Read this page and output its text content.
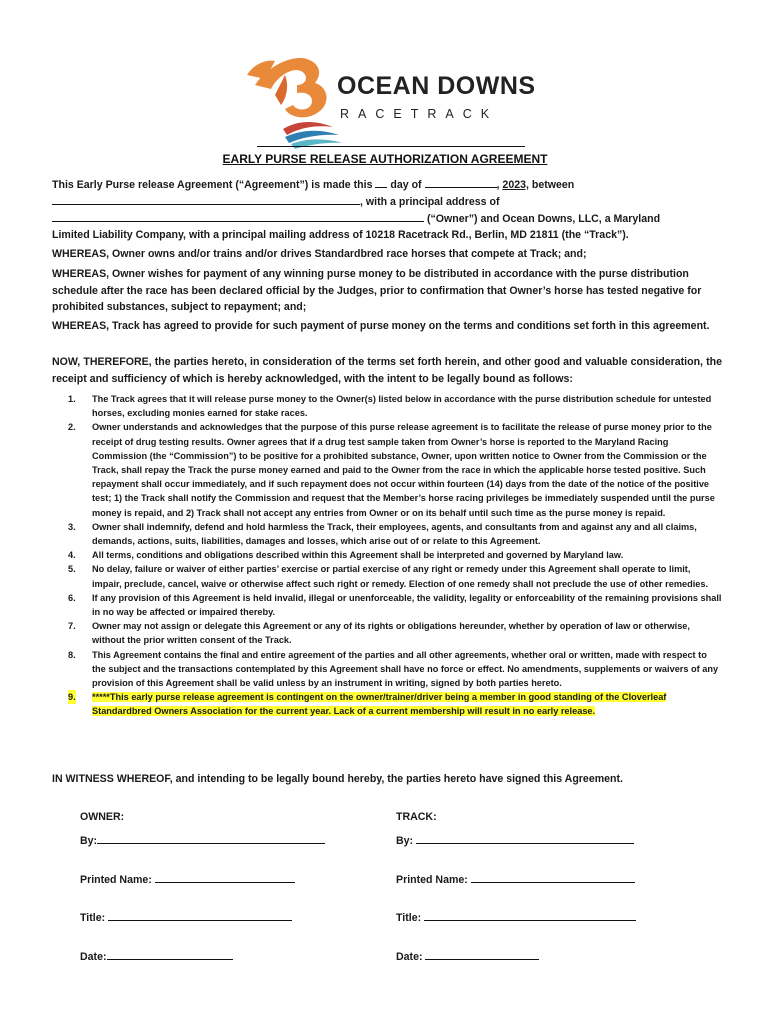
OCEAN DOWNS
RACETRACK
EARLY PURSE RELEASE AUTHORIZATION AGREEMENT
This Early Purse release Agreement (“Agreement”) is made this  day of	, 2023, between
, with a principal address of
(“Owner”) and Ocean Downs, LLC, a Maryland
Limited Liability Company, with a principal mailing address of 10218 Racetrack Rd., Berlin, MD 21811 (the “Track”).
WHEREAS, Owner owns and/or trains and/or drives Standardbred race horses that compete at Track; and;
WHEREAS, Owner wishes for payment of any winning purse money to be distributed in accordance with the purse distribution schedule after the race has been declared official by the Judges, prior to confirmation that Owner’s horse has tested negative for prohibited substances, subject to repayment; and;
WHEREAS, Track has agreed to provide for such payment of purse money on the terms and conditions set forth in this agreement.
NOW, THEREFORE, the parties hereto, in consideration of the terms set forth herein, and other good and valuable consideration, the receipt and sufficiency of which is hereby acknowledged, with the intent to be legally bound as follows:
1. The Track agrees that it will release purse money to the Owner(s) listed below in accordance with the purse distribution schedule for untested horses, excluding monies earned for stake races.
2. Owner understands and acknowledges that the purpose of this purse release agreement is to facilitate the release of purse money prior to the receipt of drug testing results. Owner agrees that if a drug test sample taken from Owner’s horse is reported to the Maryland Racing Commission (the “Commission”) to be positive for a prohibited substance, Owner, upon written notice to Owner from the Commission or the Track, shall repay the Track the purse money earned and paid to the Owner from the race in which the applicable horse tested positive. Such repayment shall occur immediately, and if such repayment does not occur within fourteen (14) days from the date of the notice of the positive test; 1) the Track shall notify the Commission and request that the Member’s horse racing privileges be immediately suspended until the purse money is repaid, and 2) Track shall not accept any entries from Owner or on its behalf until such time as the purse money is repaid.
3. Owner shall indemnify, defend and hold harmless the Track, their employees, agents, and consultants from and against any and all claims, demands, actions, suits, liabilities, damages and losses, which arise out of or relate to this Agreement.
4. All terms, conditions and obligations described within this Agreement shall be interpreted and governed by Maryland law.
5. No delay, failure or waiver of either parties’ exercise or partial exercise of any right or remedy under this Agreement shall operate to limit, impair, preclude, cancel, waive or otherwise affect such right or remedy. Election of one remedy shall not preclude the use of other remedies.
6. If any provision of this Agreement is held invalid, illegal or unenforceable, the validity, legality or enforceability of the remaining provisions shall in no way be affected or impaired thereby.
7. Owner may not assign or delegate this Agreement or any of its rights or obligations hereunder, whether by operation of law or otherwise, without the prior written consent of the Track.
8. This Agreement contains the final and entire agreement of the parties and all other agreements, whether oral or written, made with respect to the subject and the transactions contemplated by this Agreement shall have no force or effect. No amendments, supplements or waivers of any provision of this Agreement shall be valid unless by an instrument in writing, signed by both parties hereto.
9. *****This early purse release agreement is contingent on the owner/trainer/driver being a member in good standing of the Cloverleaf Standardbred Owners Association for the current year. Lack of a current membership will result in no early release.
IN WITNESS WHEREOF, and intending to be legally bound hereby, the parties hereto have signed this Agreement.
OWNER:	TRACK:
By:	By:
Printed Name:	Printed Name:
Title:	Title:
Date:	Date:
